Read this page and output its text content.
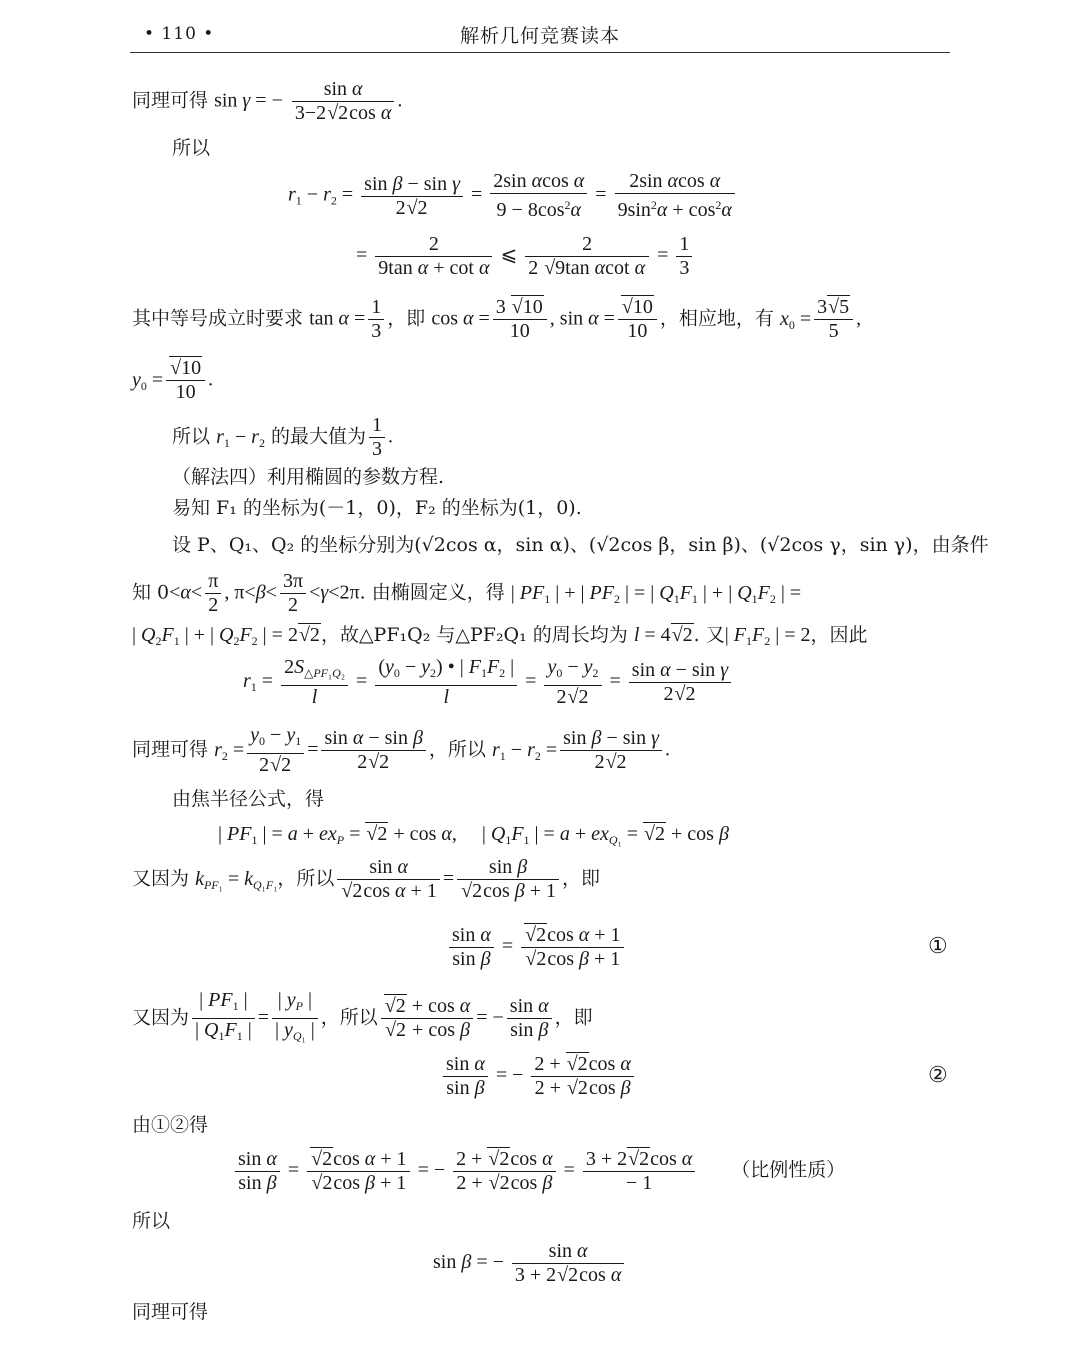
• 110 •	解析几何竞赛读本
同理可得 sin γ = − $\frac{\text{sin α}}{\text{3−2√2cos α}}$ .
所以
$r_1 - r_2 = \frac{\text{sin β − sin γ}}{2√2} = \frac{\text{2sin αcos α}}{9 - 8\cos^2\alpha} = \frac{\text{2sin αcos α}}{9\sin^2\alpha + \cos^2\alpha}$
= $\frac{2}{\text{9tan α + cot α}}$ ⩽ $\frac{2}{\text{2 √9tan αcot α}} = \frac{1}{3}$
其中等号成立时要求 $\tan \alpha = \frac{1}{3}$ ，即 $\cos \alpha = \frac{3 √10}{10}$ , $\sin \alpha = \frac{√10}{10}$ ，相应地，有 $x_0 = \frac{3√5}{5}$ ,
$y_0 = \frac{√10}{10}$ .
所以 $r_1 - r_2$ 的最大值为 $\frac{1}{3}$ .
（解法四）利用椭圆的参数方程.
易知 F₁ 的坐标为(－1，0)，F₂ 的坐标为(1，0).
设 P、Q₁、Q₂ 的坐标分别为(√2cos α，sin α)、(√2cos β，sin β)、(√2cos γ，sin γ)，由条件
知 $0<\alpha< \frac{\pi}{2}$ , $\pi<\beta< \frac{3\pi}{2} <\gamma<2\pi$. 由椭圆定义，得 | $PF_1$ | + | $PF_2$ | = | $Q_1F_1$ | + | $Q_1F_2$ | =
| $Q_2F_1$ | + | $Q_2F_2$ | = 2√2，故△PF₁Q₂ 与△PF₂Q₁ 的周长均为 l = 4√2. 又| $F_1F_2$ | = 2，因此
$r_1 = \frac{2S_{\triangle PF_1Q_2}}{l} = \frac{(y_0 - y_2) • | F_1F_2 |}{l} = \frac{y_0 - y_2}{2√2} = \frac{\text{sin α − sin γ}}{2√2}$
同理可得 $r_2 = \frac{y_0 - y_1}{2√2} = \frac{\text{sin α − sin β}}{2√2}$ ，所以 $r_1 - r_2 = \frac{\text{sin β − sin γ}}{2√2}$ .
由焦半径公式，得
| $PF_1$ | = $a + ex_P = √2 + \cos \alpha$,     | $Q_1F_1$ | = $a + ex_{Q_1} = √2 + \cos \beta$
又因为 $k_{PF_1} = k_{Q_1F_1}$，所以 $\frac{\text{sin α}}{\text{√2cos α + 1}} = \frac{\text{sin β}}{\text{√2cos β + 1}}$ ，即
$\frac{\text{sin α}}{\text{sin β}} = \frac{\text{√2cos α + 1}}{\text{√2cos β + 1}}$	①
又因为 $\frac{| PF_1 |}{| Q_1F_1 |} = \frac{| y_P |}{| y_{Q_1} |}$ ，所以 $\frac{\text{√2 + cos α}}{\text{√2 + cos β}}$ = − $\frac{\text{sin α}}{\text{sin β}}$ ，即
$\frac{\text{sin α}}{\text{sin β}}$ = − $\frac{\text{2 + √2cos α}}{\text{2 + √2cos β}}$	②
由①②得
$\frac{\text{sin α}}{\text{sin β}} = \frac{\text{√2cos α + 1}}{\text{√2cos β + 1}}$ = − $\frac{\text{2 + √2cos α}}{\text{2 + √2cos β}} = \frac{\text{3 + 2√2cos α}}{- 1}$ （比例性质）
所以
sin β = − $\frac{\text{sin α}}{\text{3 + 2√2cos α}}$
同理可得
